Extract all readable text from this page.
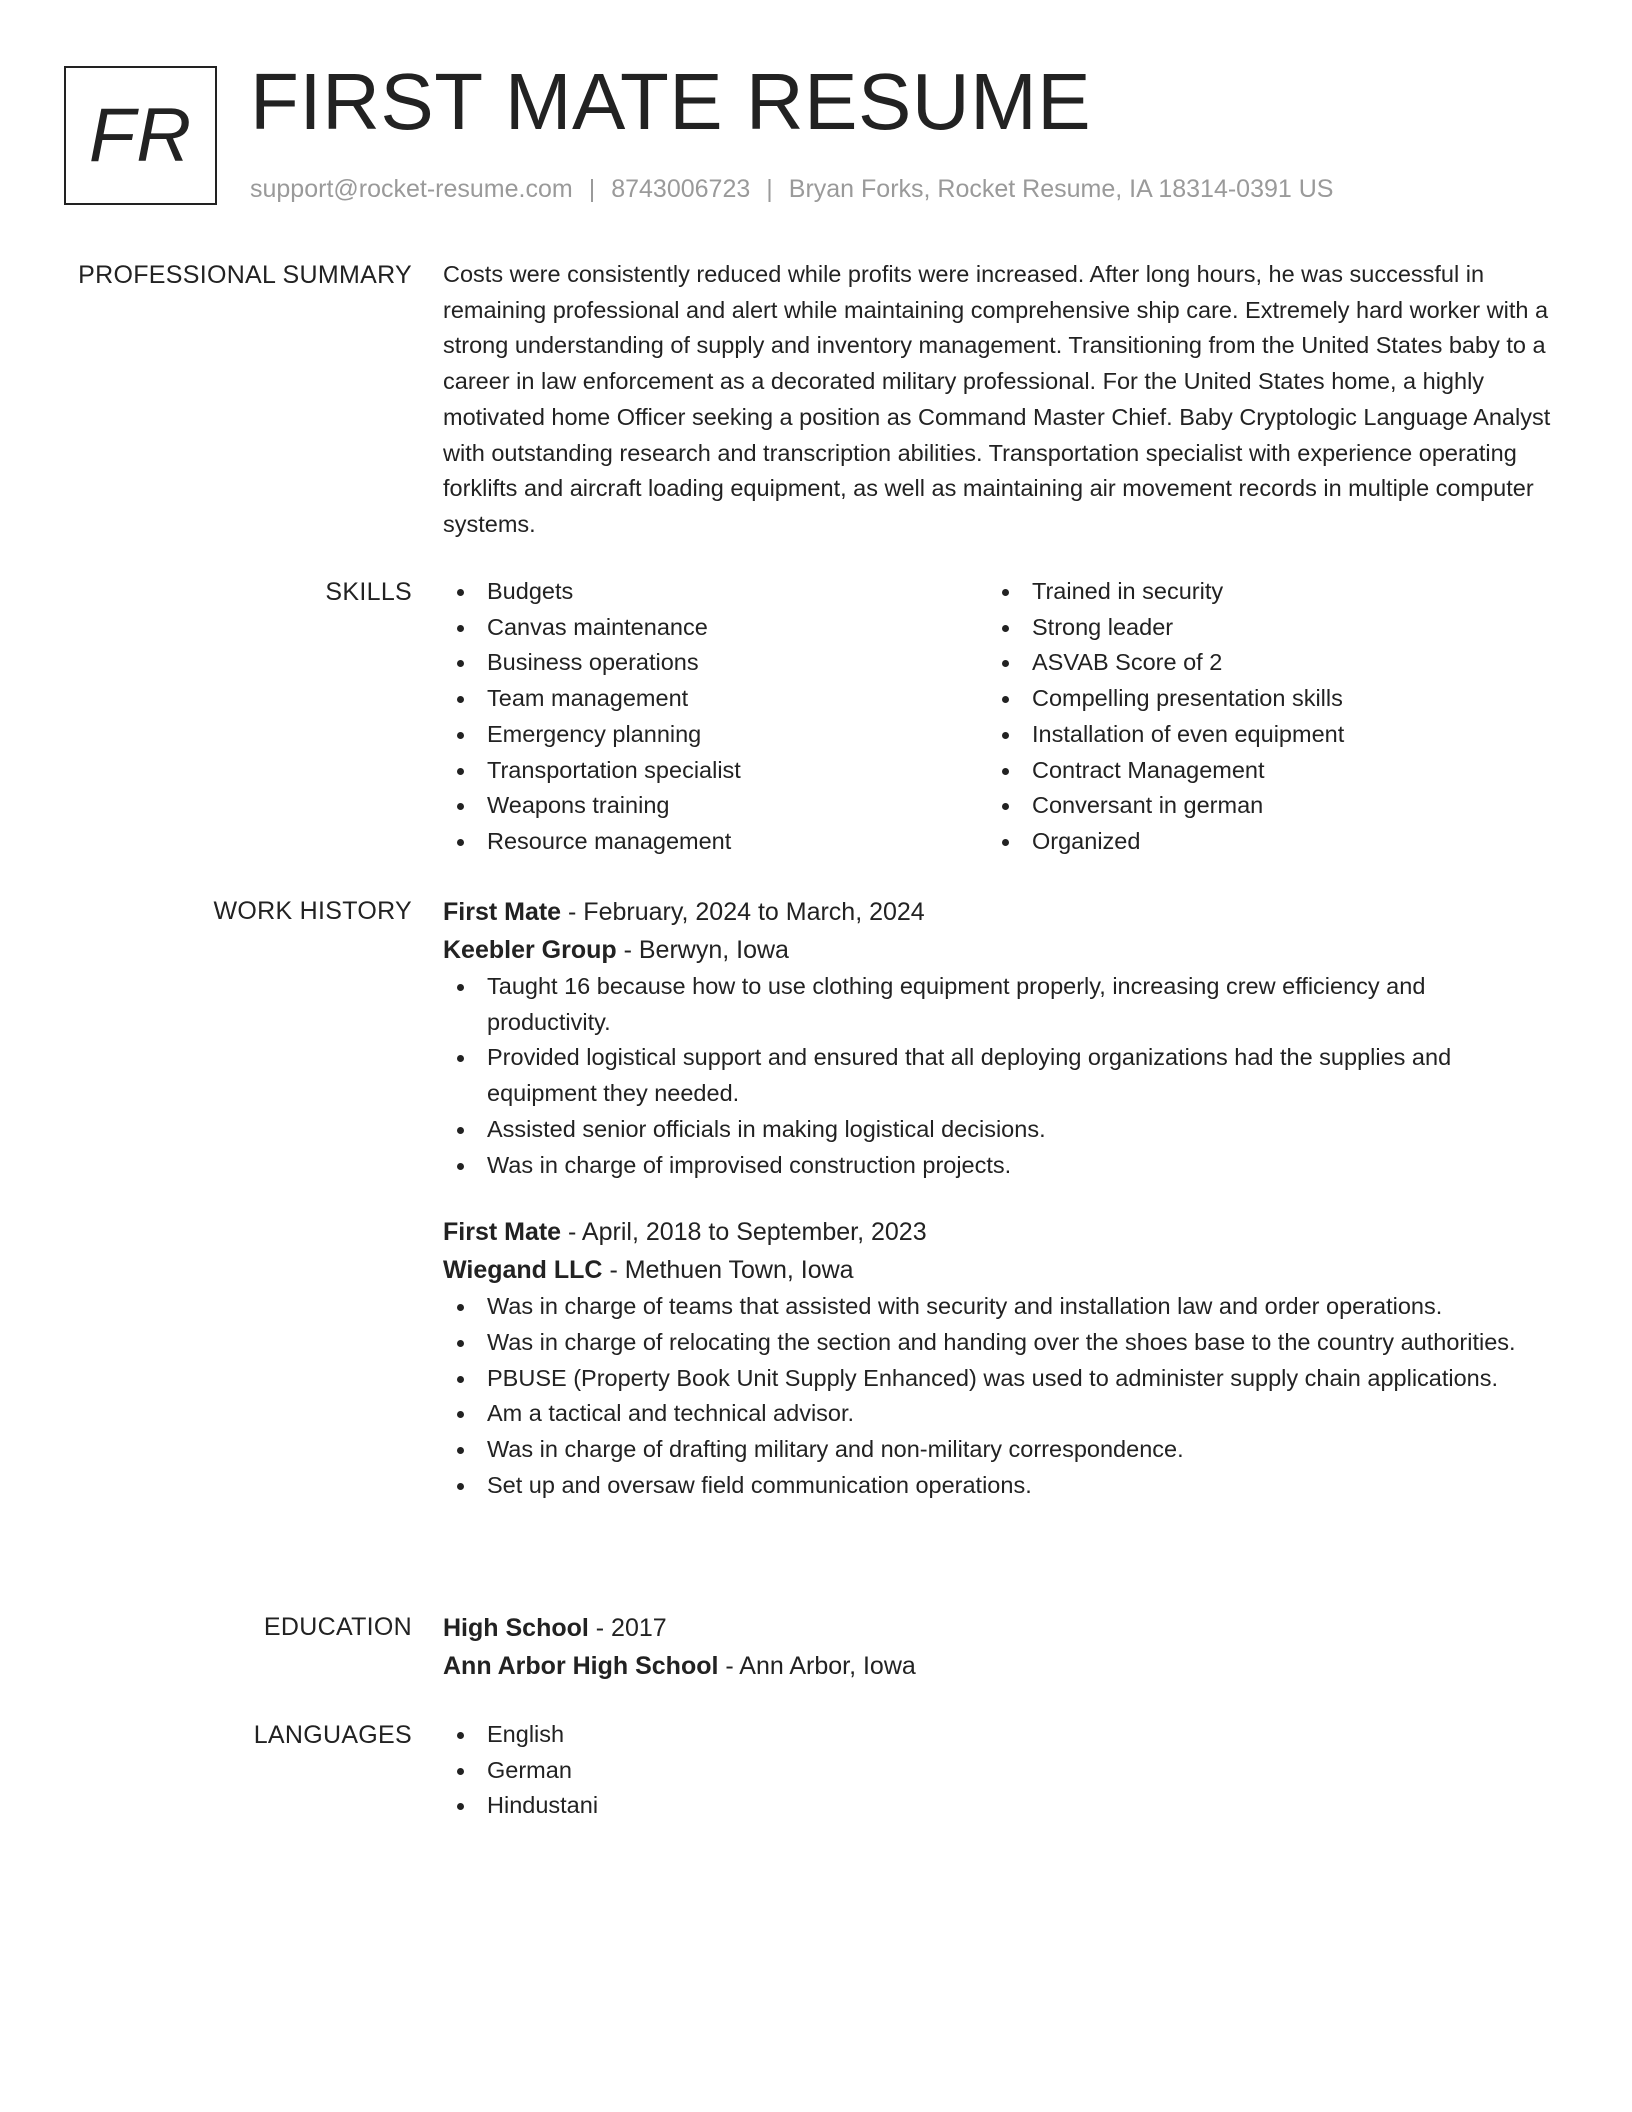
FR FIRST MATE RESUME
support@rocket-resume.com | 8743006723 | Bryan Forks, Rocket Resume, IA 18314-0391 US
PROFESSIONAL SUMMARY Costs were consistently reduced while profits were increased. After long hours, he was successful in remaining professional and alert while maintaining comprehensive ship care. Extremely hard worker with a strong understanding of supply and inventory management. Transitioning from the United States baby to a career in law enforcement as a decorated military professional. For the United States home, a highly motivated home Officer seeking a position as Command Master Chief. Baby Cryptologic Language Analyst with outstanding research and transcription abilities. Transportation specialist with experience operating forklifts and aircraft loading equipment, as well as maintaining air movement records in multiple computer systems.

SKILLS	Budgets
Canvas maintenance
Business operations
Team management
Emergency planning
Transportation specialist
Weapons training
Resource management
Trained in security
Strong leader
ASVAB Score of 2
Compelling presentation skills
Installation of even equipment
Contract Management
Conversant in german
Organized
WORK HISTORY First Mate - February, 2024 to March, 2024
Keebler Group - Berwyn, Iowa
Taught 16 because how to use clothing equipment properly, increasing crew efficiency and productivity.
Provided logistical support and ensured that all deploying organizations had the supplies and equipment they needed.
Assisted senior officials in making logistical decisions.
Was in charge of improvised construction projects.
First Mate - April, 2018 to September, 2023
Wiegand LLC - Methuen Town, Iowa
Was in charge of teams that assisted with security and installation law and order operations.
Was in charge of relocating the section and handing over the shoes base to the country authorities.
PBUSE (Property Book Unit Supply Enhanced) was used to administer supply chain applications.
Am a tactical and technical advisor.
Was in charge of drafting military and non-military correspondence.
Set up and oversaw field communication operations.
EDUCATION High School - 2017
Ann Arbor High School - Ann Arbor, Iowa
LANGUAGES	English
German
Hindustani
